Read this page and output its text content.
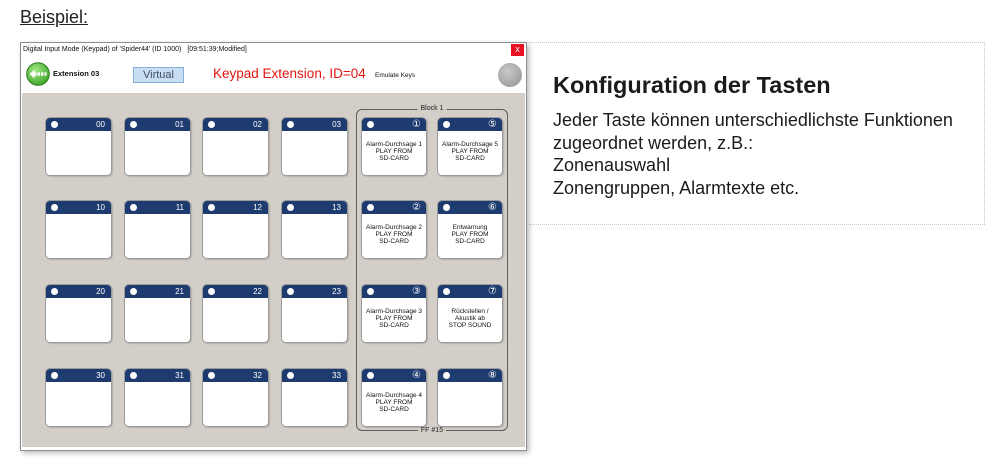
Beispiel:
Konfiguration der Tasten
Jeder Taste können unterschiedlichste Funktionen
zugeordnet werden, z.B.:
Zonenauswahl
Zonengruppen, Alarmtexte etc.
Digital Input Mode (Keypad) of 'Spider44' (ID 1000) [09:51:39;Modified]	x
Extension 03	Virtual	Keypad Extension, ID=04 Emulate Keys
Block 1
FF #15
00	01	02	03
10	11	12	13
20	21	22	23
30	31	32	33
①
Alarm-Durchsage 1
PLAY FROM
SD-CARD
②
Alarm-Durchsage 2
PLAY FROM
SD-CARD
③
Alarm-Durchsage 3
PLAY FROM
SD-CARD
④
Alarm-Durchsage 4
PLAY FROM
SD-CARD
⑤
Alarm-Durchsage 5
PLAY FROM
SD-CARD
⑥
Entwarnung
PLAY FROM
SD-CARD
⑦
Rückstellen /
Akustik ab
STOP SOUND
⑧
